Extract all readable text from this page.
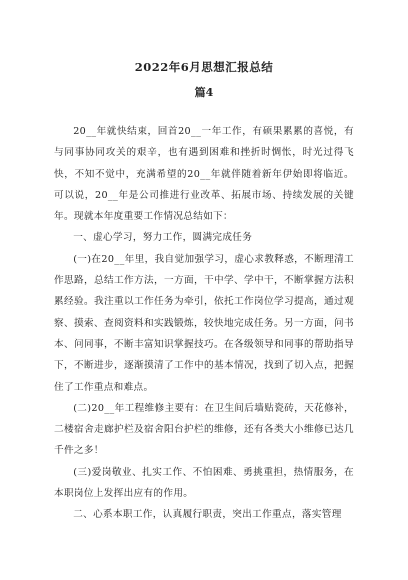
2022年6月思想汇报总结
篇4

20__年就快结束，回首20__一年工作，有硕果累累的喜悦，有与同事协同攻关的艰辛，也有遇到困难和挫折时惆怅，时光过得飞快，不知不觉中，充满希望的20__年就伴随着新年伊始即将临近。可以说，20__年是公司推进行业改革、拓展市场、持续发展的关键年。现就本年度重要工作情况总结如下：

一、虚心学习，努力工作，圆满完成任务

(一)在20__年里，我自觉加强学习，虚心求教释惑，不断理清工作思路，总结工作方法，一方面，干中学、学中干，不断掌握方法积累经验。我注重以工作任务为牵引，依托工作岗位学习提高，通过观察、摸索、查阅资料和实践锻炼，较快地完成任务。另一方面，问书本、问同事，不断丰富知识掌握技巧。在各级领导和同事的帮助指导下，不断进步，逐渐摸清了工作中的基本情况，找到了切入点，把握住了工作重点和难点。

(二)20__年工程维修主要有：在卫生间后墙贴瓷砖，天花修补，二楼宿舍走廊护栏及宿舍阳台护栏的维修，还有各类大小维修已达几千件之多！

(三)爱岗敬业、扎实工作、不怕困难、勇挑重担，热情服务，在本职岗位上发挥出应有的作用。

二、心系本职工作，认真履行职责，突出工作重点，落实管理
